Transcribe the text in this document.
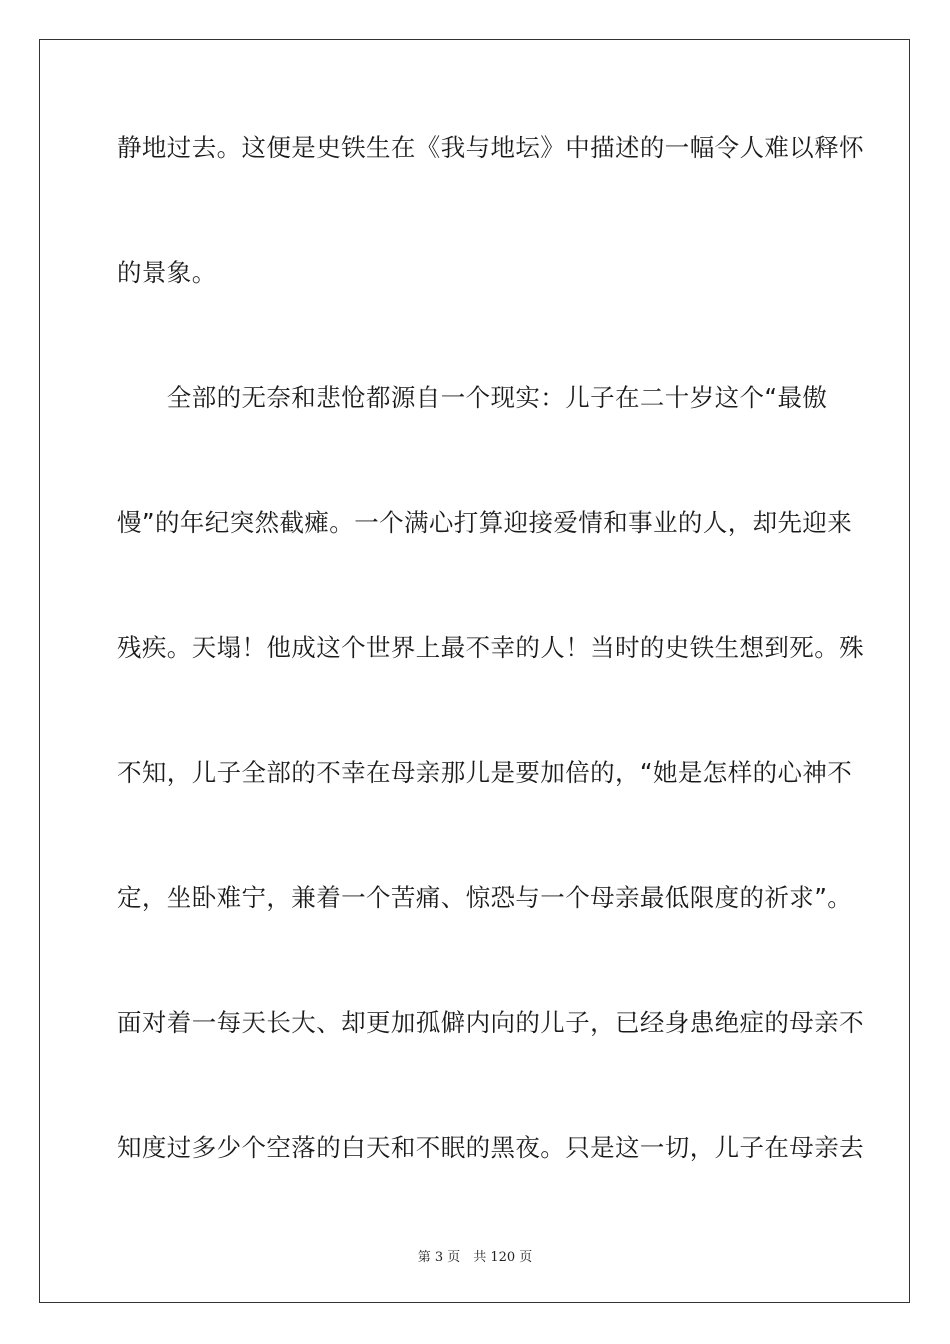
静地过去。这便是史铁生在《我与地坛》中描述的一幅令人难以释怀
的景象。
　　全部的无奈和悲怆都源自一个现实：儿子在二十岁这个“最傲
慢”的年纪突然截瘫。一个满心打算迎接爱情和事业的人，却先迎来
残疾。天塌！他成这个世界上最不幸的人！当时的史铁生想到死。殊
不知，儿子全部的不幸在母亲那儿是要加倍的，“她是怎样的心神不
定，坐卧难宁，兼着一个苦痛、惊恐与一个母亲最低限度的祈求”。
面对着一每天长大、却更加孤僻内向的儿子，已经身患绝症的母亲不
知度过多少个空落的白天和不眠的黑夜。只是这一切，儿子在母亲去
第 3 页　共 120 页
